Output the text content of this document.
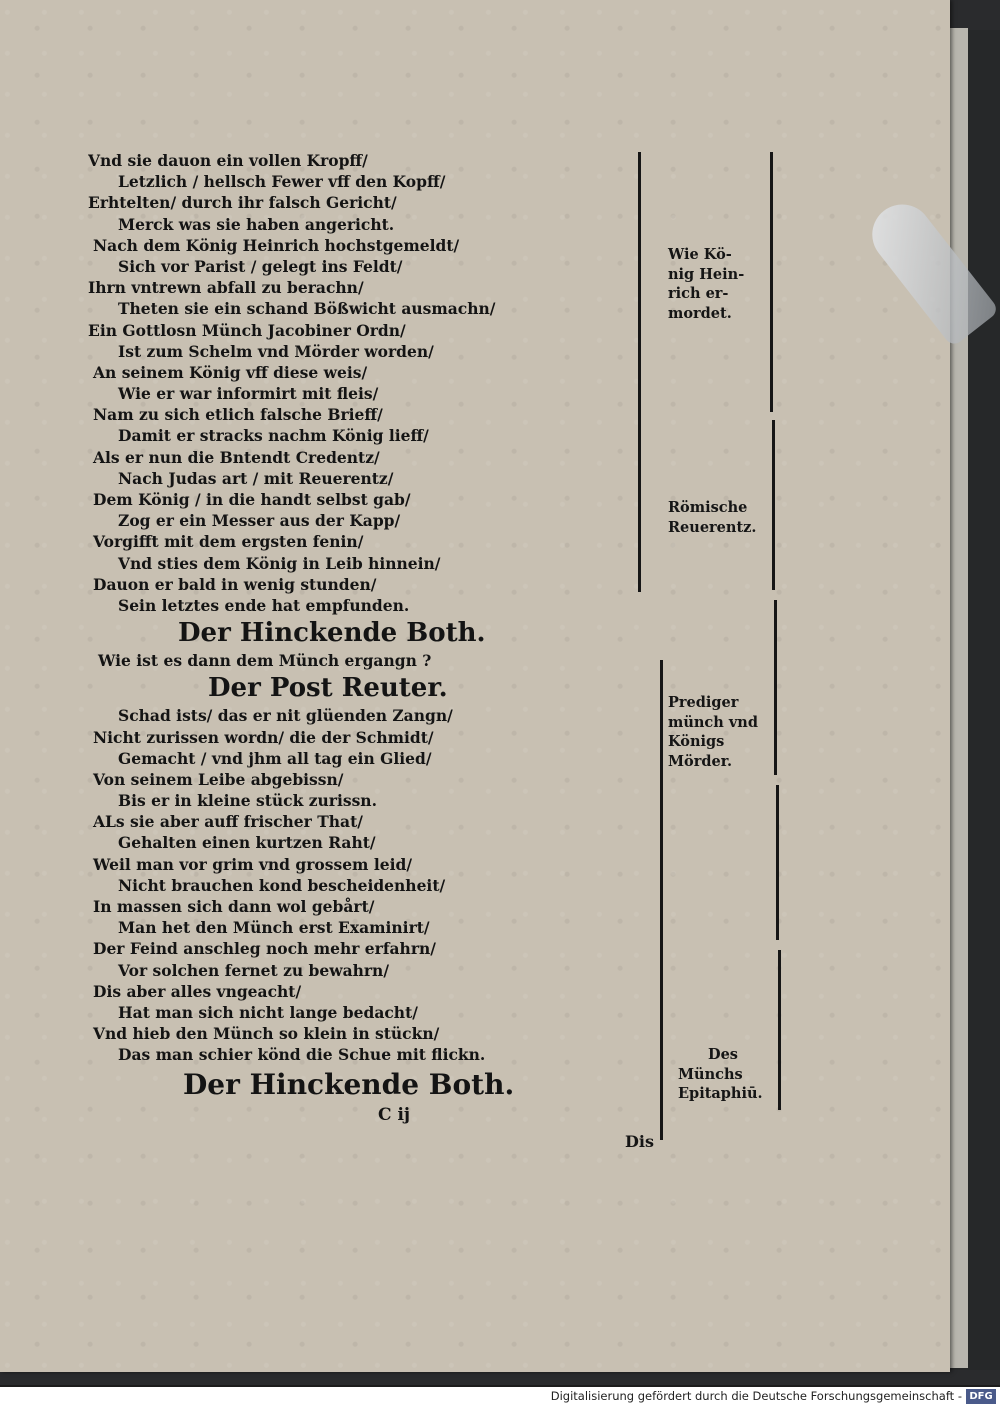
Vnd sie dauon ein vollen Kropff/
Letzlich / hellsch Fewer vff den Kopff/
Erhtelten/ durch ihr falsch Gericht/
Merck was sie haben angericht.
Nach dem König Heinrich hochstgemeldt/
Sich vor Parist / gelegt ins Feldt/
Ihrn vntrewn abfall zu berachn/
Theten sie ein schand Bößwicht ausmachn/
Ein Gottlosn Münch Jacobiner Ordn/
Ist zum Schelm vnd Mörder worden/
An seinem König vff diese weis/
Wie er war informirt mit fleis/
Nam zu sich etlich falsche Brieff/
Damit er stracks nachm König lieff/
Als er nun die Bntendt Credentz/
Nach Judas art / mit Reuerentz/
Dem König / in die handt selbst gab/
Zog er ein Messer aus der Kapp/
Vorgifft mit dem ergsten fenin/
Vnd sties dem König in Leib hinnein/
Dauon er bald in wenig stunden/
Sein letztes ende hat empfunden.
Der Hinckende Both.
Wie ist es dann dem Münch ergangn ?
Der Post Reuter.
Schad ists/ das er nit glüenden Zangn/
Nicht zurissen wordn/ die der Schmidt/
Gemacht / vnd jhm all tag ein Glied/
Von seinem Leibe abgebissn/
Bis er in kleine stück zurissn.
ALs sie aber auff frischer That/
Gehalten einen kurtzen Raht/
Weil man vor grim vnd grossem leid/
Nicht brauchen kond bescheidenheit/
In massen sich dann wol gebårt/
Man het den Münch erst Examinirt/
Der Feind anschleg noch mehr erfahrn/
Vor solchen fernet zu bewahrn/
Dis aber alles vngeacht/
Hat man sich nicht lange bedacht/
Vnd hieb den Münch so klein in stückn/
Das man schier könd die Schue mit flickn.
Der Hinckende Both.
C ij
Wie Kö-
nig Hein-
rich er-
mordet.
Römische
Reuerentz.
Prediger
münch vnd
Königs
Mörder.
Des
Münchs
Epitaphiū.
Dis
Digitalisierung gefördert durch die Deutsche Forschungsgemeinschaft - DFG
